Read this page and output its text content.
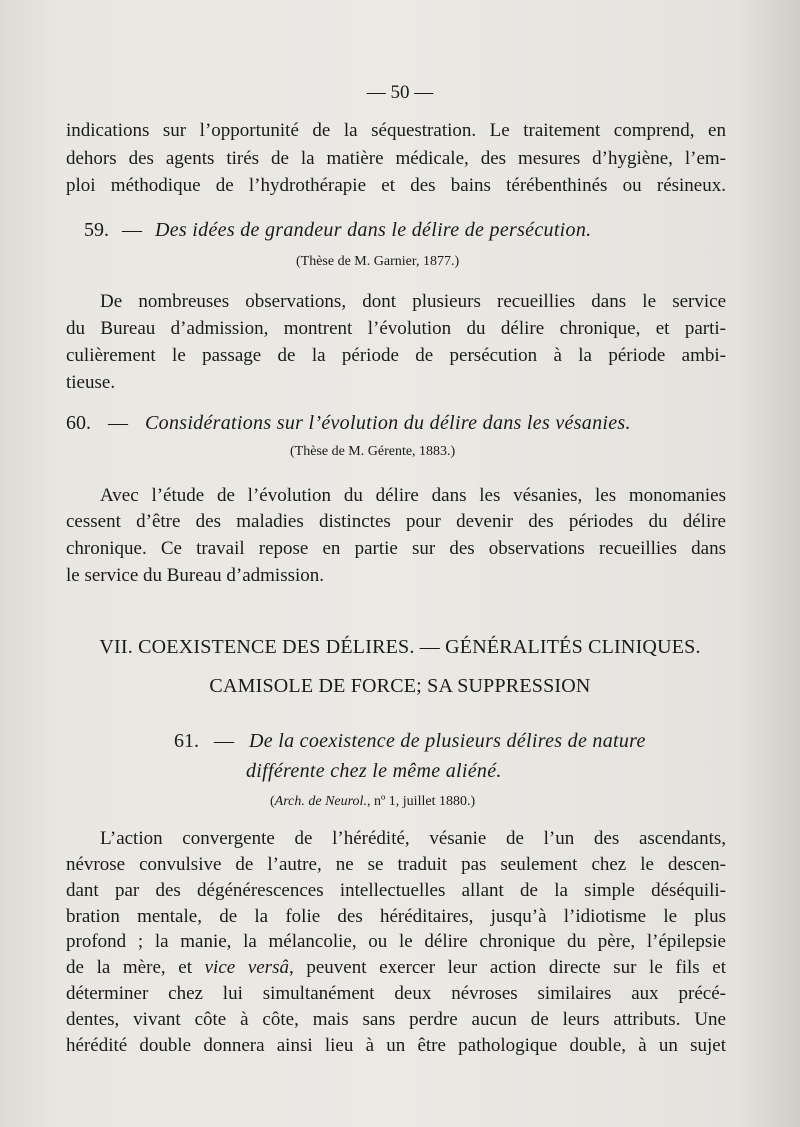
— 50 —

indications sur l’opportunité de la séquestration. Le traitement comprend, en

dehors des agents tirés de la matière médicale, des mesures d’hygiène, l’em-

ploi méthodique de l’hydrothérapie et des bains térébenthinés ou résineux.

59. — Des idées de grandeur dans le délire de persécution.

(Thèse de M. Garnier, 1877.)

De nombreuses observations, dont plusieurs recueillies dans le service

du Bureau d’admission, montrent l’évolution du délire chronique, et parti-

culièrement le passage de la période de persécution à la période ambi-

tieuse.

60. — Considérations sur l’évolution du délire dans les vésanies.

(Thèse de M. Gérente, 1883.)

Avec l’étude de l’évolution du délire dans les vésanies, les monomanies

cessent d’être des maladies distinctes pour devenir des périodes du délire

chronique. Ce travail repose en partie sur des observations recueillies dans

le service du Bureau d’admission.

VII. COEXISTENCE DES DÉLIRES. — GÉNÉRALITÉS CLINIQUES.

CAMISOLE DE FORCE; SA SUPPRESSION

61. — De la coexistence de plusieurs délires de nature

différente chez le même aliéné.

(Arch. de Neurol., nº 1, juillet 1880.)

L’action convergente de l’hérédité, vésanie de l’un des ascendants,

névrose convulsive de l’autre, ne se traduit pas seulement chez le descen-

dant par des dégénérescences intellectuelles allant de la simple déséquili-

bration mentale, de la folie des héréditaires, jusqu’à l’idiotisme le plus

profond ; la manie, la mélancolie, ou le délire chronique du père, l’épilepsie

de la mère, et vice versâ, peuvent exercer leur action directe sur le fils et

déterminer chez lui simultanément deux névroses similaires aux précé-

dentes, vivant côte à côte, mais sans perdre aucun de leurs attributs. Une

hérédité double donnera ainsi lieu à un être pathologique double, à un sujet
